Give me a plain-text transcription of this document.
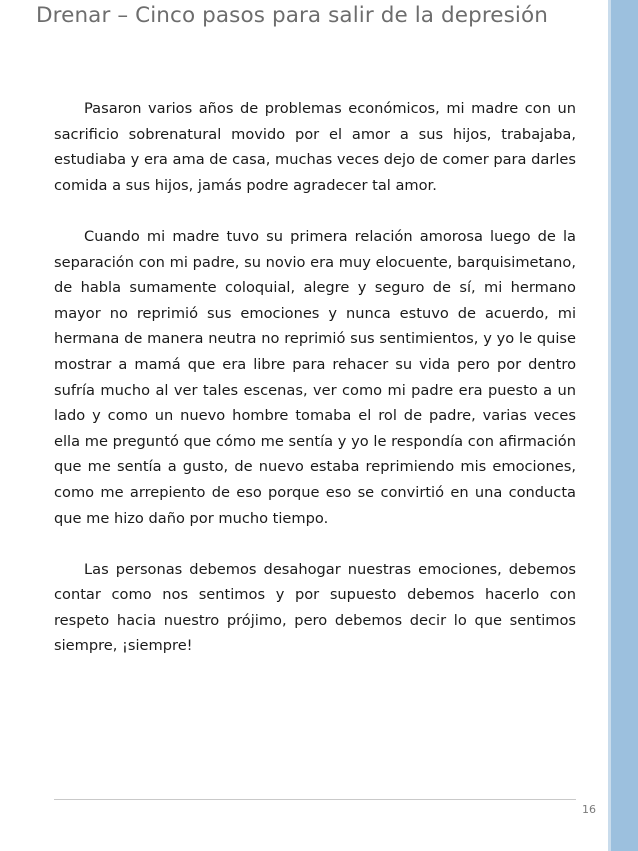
Drenar – Cinco pasos para salir de la depresión

Pasaron varios años de problemas económicos, mi madre con un sacrificio sobrenatural movido por el amor a sus hijos, trabajaba, estudiaba y era ama de casa, muchas veces dejo de comer para darles comida a sus hijos, jamás podre agradecer tal amor.

Cuando mi madre tuvo su primera relación amorosa luego de la separación con mi padre, su novio era muy elocuente, barquisimetano, de habla sumamente coloquial, alegre y seguro de sí, mi hermano mayor no reprimió sus emociones y nunca estuvo de acuerdo, mi hermana de manera neutra no reprimió sus sentimientos, y yo le quise mostrar a mamá que era libre para rehacer su vida pero por dentro sufría mucho al ver tales escenas, ver como mi padre era puesto a un lado y como un nuevo hombre tomaba el rol de padre, varias veces ella me preguntó que cómo me sentía y yo le respondía con afirmación que me sentía a gusto, de nuevo estaba reprimiendo mis emociones, como me arrepiento de eso porque eso se convirtió en una conducta que me hizo daño por mucho tiempo.

Las personas debemos desahogar nuestras emociones, debemos contar como nos sentimos y por supuesto debemos hacerlo con respeto hacia nuestro prójimo, pero debemos decir lo que sentimos siempre, ¡siempre!

16
